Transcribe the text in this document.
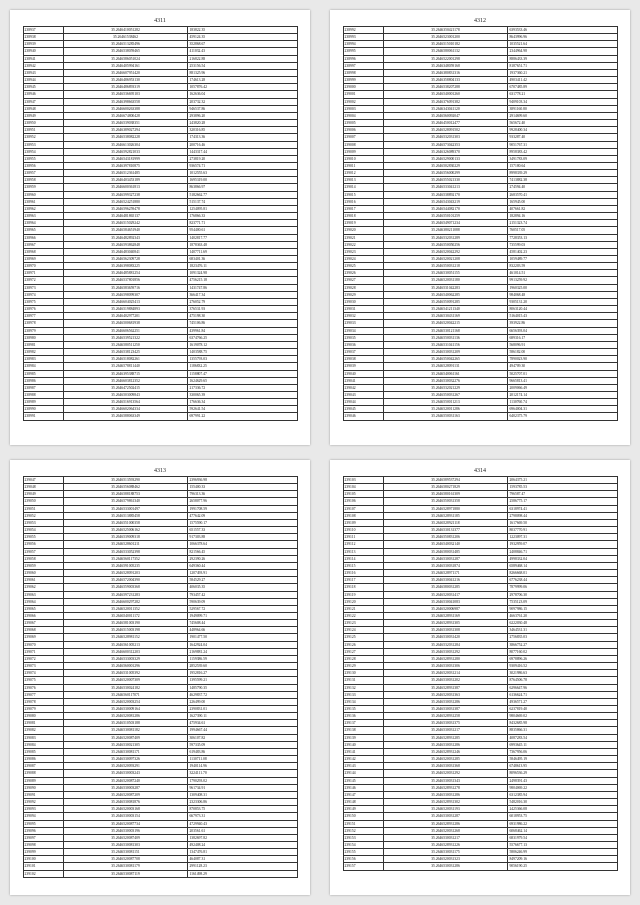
4311
238937	35.2646410051282	183822.35
238938	35.26461538462	459124.35
238939	35.2646513285496	352868.67
238940	35.2646538059465	411032.43
238941	35.2646586051024	216822.88
238942	35.2646405994161	253156.54
238943	35.2646607951420	881325.96
238944	35.2646486953130	174613.28
238945	35.2646486893319	1057876.42
238946	35.2646536695103	162636.04
238947	35.2646398663558	203732.32
238948	35.2646600263388	946537.86
238949	35.2646674800428	293896.20
238950	35.2646539038351	243820.28
238951	35.2646389027294	320316.85
238952	35.2646538082228	174313.36
238953	35.2646613026304	200716.46
238954	35.2646592821033	1443317.44
238955	35.2646543181999	273819.20
238956	35.2646397810875	936574.71
238957	35.2646512361485	1012555.63
238958	35.2646403453189	1695319.00
238959	35.2646600361813	863866.97
238960	35.2646599327238	5182662.77
238961	35.2646524251880	515137.74
238962	35.2646596259478	1254095.81
238963	35.2646481865137	176866.33
238964	35.2646515029242	823771.71
238965	35.2646584651940	954400.61
238966	35.2646482892343	1402817.77
238967	35.2646593862848	1878363.48
238968	35.2646483040841	1407711.69
238969	35.2646562309728	683401.36
238970	35.2646398083225	1823476.11
238971	35.2646485881254	1091324.98
238972	35.2646537801856	4756215.18
238973	35.2646583659716	1431747.86
238974	35.2646598099307	366417.34
238975	35.2646604025413	276052.79
238976	35.2646519884893	376531.93
238977	35.2646402977201	475198.30
238978	35.2646500681938	745106.86
238979	35.2646606562251	439961.84
238980	35.2646539521322	6374766.25
238981	35.2646580511250	1619078.12
238982	35.2646538123425	1403588.75
238983	35.2646518082261	1355793.03
238984	35.2646578811440	1186832.25
238985	35.2646395388715	1158807.47
238986	35.2646603812352	1624629.65
238987	35.2646472502415	217336.72
238988	35.2646503009843	330065.39
238989	35.2646516913564	176636.34
238990	35.2646602064334	592641.54
238991	35.2646588063349	697991.22
4312
238992	35.2646350421178	6393533.46
238993	35.2646523001200	8643996.96
238994	35.2646515010182	1035521.64
238995	35.2646580061132	2344964.98
238996	35.2646522001298	8886433.39
238997	35.2646348059168	8187651.71
238998	35.2646380831316	1937360.21
238999	35.2646358804133	4903411.42
239000	35.2646538207288	6707485.89
239001	35.2646540001260	631778.21
239002	35.2646376091382	9409103.34
239003	35.2646343041120	3891160.80
239004	35.2646560092047	2914699.60
239005	35.2646450012477	565672.40
239006	35.2646528091502	9928400.34
239007	35.2646532031303	933287.40
239008	35.2646573042353	9051767.31
239009	35.2646326089370	8958383.42
239010	35.2646529000133	3491783.09
239011	35.2646502830229	157180.64
239012	35.2646556000299	8998339.29
239013	35.2646555021330	7413882.38
239014	35.2646533041213	274594.40
239015	35.2646538892170	2683570.41
239016	35.2646543043219	165945.00
239017	35.2646544082170	407661.82
239018	35.2646550101259	182894.16
239019	35.2646549071234	2151323.74
239020	35.2646380211088	760517.05
239021	35.2646532031289	7728353.13
239022	35.2646550050256	735599.03
239023	35.2646520042292	4581402.23
239024	35.2646520021208	1059489.77
239025	35.2646550031218	832203.59
239026	35.2646530051155	461014.51
239027	35.2646520031180	9913259.92
239028	35.2646531042283	1960325.00
239029	35.2646540062285	984068.48
239030	35.2646550091285	9305131.20
239031	35.2646541211340	8063120.44
239032	35.2646530431169	5164015.43
239033	35.2646520042215	393922.86
239034	35.2646530121168	6656393.04
239035	35.2646550031136	689316.17
239036	35.2646531041156	568096.91
239037	35.2646530031209	586182.00
239038	35.2646550042265	7890023.90
239039	35.2646528091131	494709.30
239040	35.2646540061161	5025707.01
239041	35.2646530032276	9665813.41
239042	35.2646532021229	2009066.49
239043	35.2646550031267	2012174.14
239044	35.2646550011213	1130760.74
239045	35.2646520011286	6964004.31
239046	35.2646550031163	6402375.79
4313
239047	35.2646513593290	2396936.98
239048	35.2646556088462	155400.33
239049	35.2646588188753	796313.36
239050	35.2646579861340	2658077.96
239051	35.2646533001497	1991708.59
239052	35.2646513885458	477642.09
239053	35.2646551000358	1575590.17
239054	35.2646525006162	651557.33
239055	35.2646539009318	917303.88
239056	35.2646528601211	1066378.64
239057	35.2646533052398	821566.45
239058	35.2646560117352	292390.26
239059	35.2646591005235	649360.44
239060	35.2646528091203	1207493.91
239061	35.2646572004390	584529.27
239062	35.2646559003368	406035.35
239063	35.2646597231283	793457.42
239064	35.2646600297282	590639.09
239065	35.2646520011352	529567.72
239066	35.2646540011172	1949099.71
239067	35.2646581003190	745608.44
239068	35.2646515003198	448964.66
239069	35.2646528981152	1901477.50
239070	35.2646561005213	1642924.04
239071	35.2646600312203	2169881.24
239072	35.2646533003329	1159386.59
239073	35.2646560001296	2852539.60
239074	35.2646531005392	1952816.27
239075	35.2646520007309	1395599.21
239076	35.2646530024182	1485790.35
239077	35.2646560117071	4629837.72
239078	35.2646520003254	226499.00
239079	35.2646530009164	2390831.01
239080	35.2646520081286	1627390.11
239081	35.2646510503188	475934.61
239082	35.2646530081182	1994667.44
239083	35.2646520087409	306107.82
239084	35.2646530021305	597335.09
239085	35.2646530081171	619483.86
239086	35.2646530097326	1130711.08
239087	35.2646520093291	1940114.96
239088	35.2646530003243	3224111.70
239089	35.2646520087240	1790293.02
239090	35.2646530003287	961734.91
239091	35.2646520087209	1309408.31
239092	35.2646530081876	2323306.86
239093	35.2646520003168	870853.75
239094	35.2646530003154	667973.31
239095	35.2646520087734	4729940.43
239096	35.2646530003196	203561.61
239097	35.2646520087409	1382697.82
239098	35.2646530081303	492408.24
239099	35.2646530081151	1347476.81
239100	35.2646520087708	464087.31
239101	35.2646530081179	2991128.23
239102	35.2646530087119	1161498.29
4314
239103	35.2646589537294	2064375.21
239104	35.2646580271829	1593785.53
239105	35.2646580161309	796587.47
239106	35.2646550031358	2586775.17
239107	35.2646528971880	6318974.41
239108	35.2646528931185	2798098.44
239109	35.2646528921118	1617669.50
239110	35.2646530131377	8037770.91
239111	35.2646550831206	1223097.31
239112	35.2646540032140	1932959.07
239113	35.2646580031485	2408846.71
239114	35.2646530031287	4998332.04
239115	35.2646530031874	6589468.14
239116	35.2646528971171	8266668.01
239117	35.2646530041216	6776238.44
239118	35.2646580031285	7879999.06
239119	35.2646520031417	2978706.30
239120	35.2646530041083	7535123.09
239121	35.2646520006987	9097986.15
239122	35.2646528931169	4663761.20
239123	35.2646528931305	6222030.48
239124	35.2646530031308	3464531.31
239125	35.2646530031420	2756835.03
239126	35.2646532031284	3866752.27
239127	35.2646530031292	8077160.02
239128	35.2646528931280	6978896.26
239129	35.2646530031306	9309416.52
239130	35.2646520031214	3021986.63
239131	35.2646530031202	8764506.78
239132	35.2646528931387	6296647.96
239133	35.2646520031363	6136624.71
239134	35.2646530031286	4936571.27
239135	35.2646530031387	6237819.40
239136	35.2646528931258	9804669.02
239137	35.2646530031375	8432685.98
239138	35.2646530031217	8835866.31
239139	35.2646528931285	4087283.54
239140	35.2646530031286	6993645.11
239141	35.2646528931246	7367956.06
239142	35.2646520031285	5846495.19
239143	35.2646530031368	6748613.95
239144	35.2646520031292	8096536.29
239145	35.2646530031343	2498391.43
239146	35.2646528931278	9804069.22
239147	35.2646530031286	6312385.94
239148	35.2646528931302	5482016.30
239149	35.2646520031193	2425366.08
239150	35.2646530031287	6018953.75
239151	35.2646528931286	6931986.22
239152	35.2646520031268	6068462.14
239153	35.2646530031217	6831979.54
239154	35.2646528931226	5576677.13
239155	35.2646530031175	5806246.99
239156	35.2646520031323	8497209.16
239157	35.2646530031286	9056190.25
